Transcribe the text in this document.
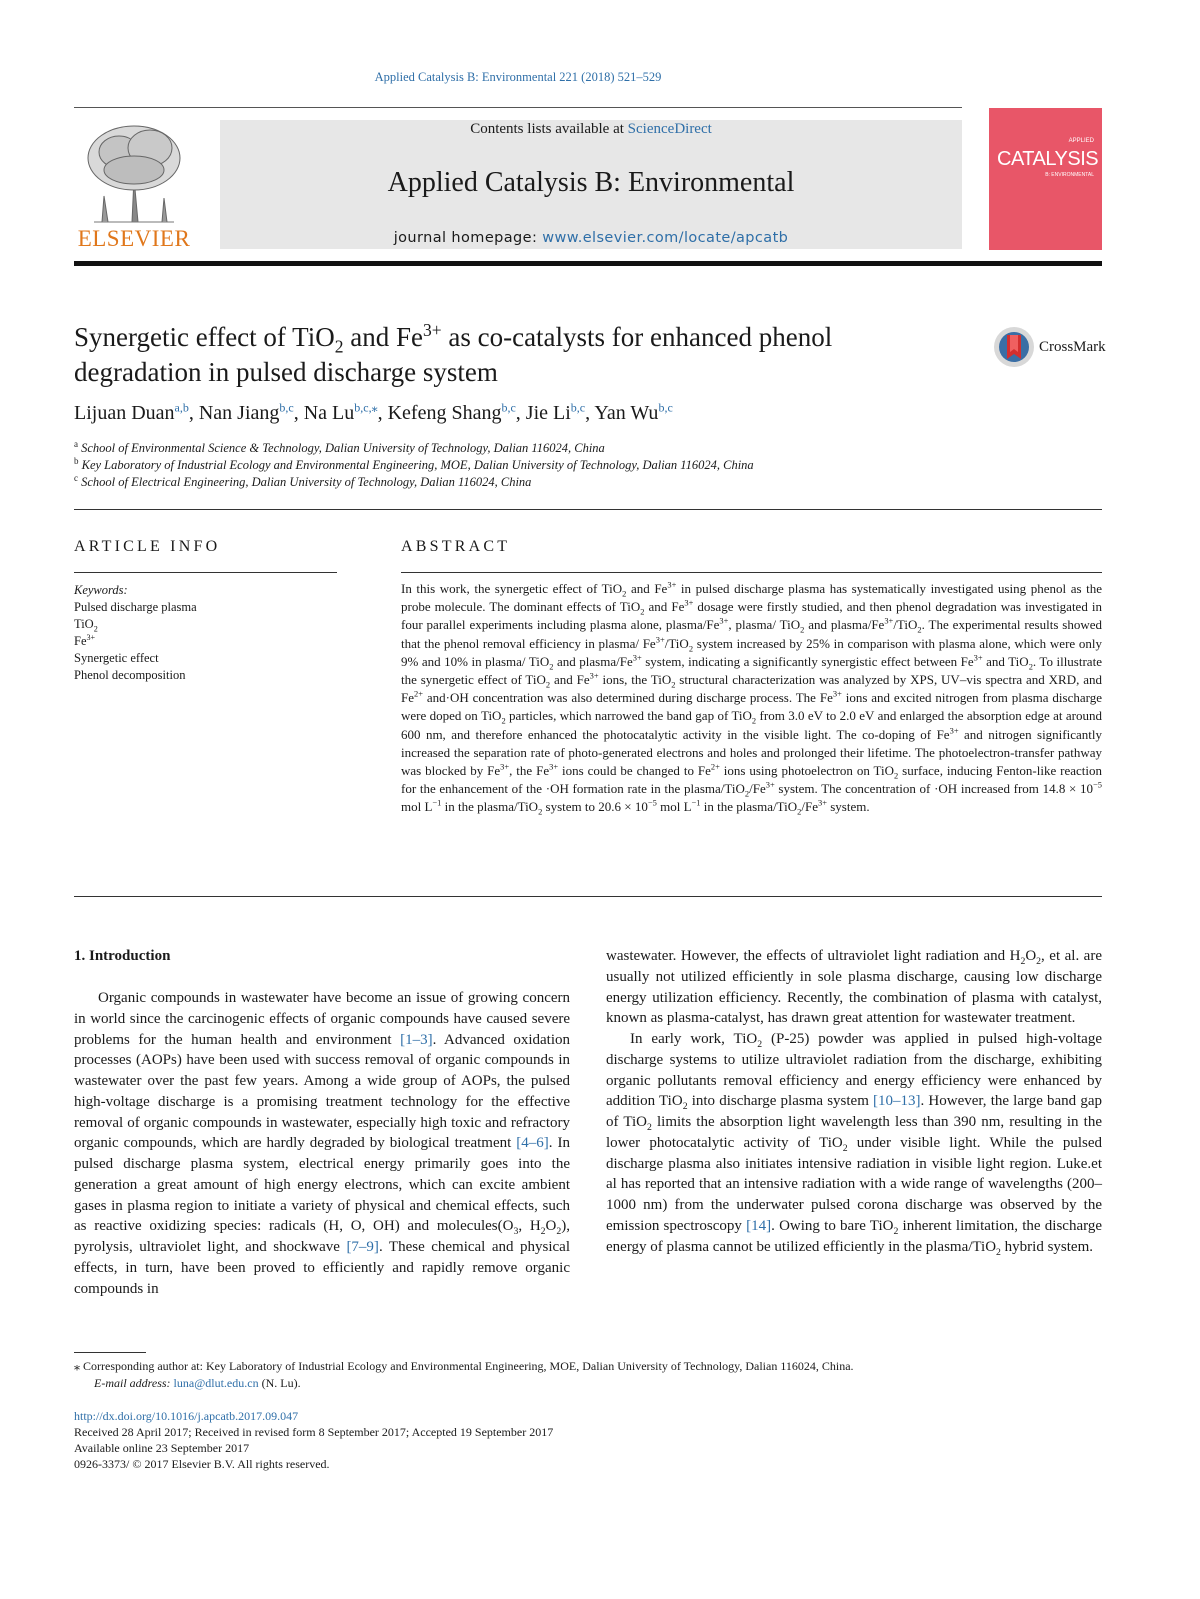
Applied Catalysis B: Environmental 221 (2018) 521–529
ELSEVIER
Contents lists available at ScienceDirect
Applied Catalysis B: Environmental
journal homepage: www.elsevier.com/locate/apcatb
APPLIED
CATALYSIS
B: ENVIRONMENTAL
Synergetic effect of TiO$_2$ and $Fe^{3+}$ as co-catalysts for enhanced phenol
degradation in pulsed discharge system
CrossMark
Lijuan Duan$^{a,b}$, Nan Jiang$^{b,c}$, Na $Lu^{b,c,⁎}$, Kefeng Shang$^{b,c}$, Jie Li$^{b,c}$, Yan Wu$^{b,c}$
$^a$ School of Environmental Science & Technology, Dalian University of Technology, Dalian 116024, China
$^b$ Key Laboratory of Industrial Ecology and Environmental Engineering, MOE, Dalian University of Technology, Dalian 116024, China
$^c$ School of Electrical Engineering, Dalian University of Technology, Dalian 116024, China
ARTICLE INFO	ABSTRACT
Keywords:
Pulsed discharge plasma
TiO$_2$
$Fe^{3+}$
Synergetic effect
Phenol decomposition
In this work, the synergetic effect of TiO$_2$ and $Fe^{3+}$ in pulsed discharge plasma has systematically investigated using phenol as the probe molecule. The dominant effects of TiO$_2$ and $Fe^{3+}$ dosage were firstly studied, and then phenol degradation was investigated in four parallel experiments including plasma alone, plasma/$Fe^{3+}$, plasma/ TiO$_2$ and plasma/$Fe^{3+}/TiO_2$. The experimental results showed that the phenol removal efficiency in plasma/ $Fe^{3+}/TiO_2$ system increased by 25% in comparison with plasma alone, which were only 9% and 10% in plasma/ TiO$_2$ and plasma/$Fe^{3+}$ system, indicating a significantly synergistic effect between $Fe^{3+}$ and TiO$_2$. To illustrate the synergetic effect of TiO$_2$ and $Fe^{3+}$ ions, the TiO$_2$ structural characterization was analyzed by XPS, UV–vis spectra and XRD, and $Fe^{2+}$ and·OH concentration was also determined during discharge process. The $Fe^{3+}$ ions and excited nitrogen from plasma discharge were doped on TiO$_2$ particles, which narrowed the band gap of TiO$_2$ from 3.0 eV to 2.0 eV and enlarged the absorption edge at around 600 nm, and therefore enhanced the photocatalytic activity in the visible light. The co-doping of $Fe^{3+}$ and nitrogen significantly increased the separation rate of photo-generated electrons and holes and prolonged their lifetime. The photoelectron-transfer pathway was blocked by $Fe^{3+}$, the $Fe^{3+}$ ions could be changed to $Fe^{2+}$ ions using photoelectron on TiO$_2$ surface, inducing Fenton-like reaction for the enhancement of the ·OH formation rate in the plasma/$TiO_2/Fe^{3+}$ system. The concentration of ·OH increased from $14.8 \times 10^{-5}$ mol $L^{-1}$ in the plasma/TiO$_2$ system to $20.6 \times 10^{-5}$ mol $L^{-1}$ in the plasma/$TiO_2/Fe^{3+}$ system.
1. Introduction

Organic compounds in wastewater have become an issue of growing concern in world since the carcinogenic effects of organic compounds have caused severe problems for the human health and environment [1–3]. Advanced oxidation processes (AOPs) have been used with success removal of organic compounds in wastewater over the past few years. Among a wide group of AOPs, the pulsed high-voltage discharge is a promising treatment technology for the effective removal of organic compounds in wastewater, especially high toxic and refractory organic compounds, which are hardly degraded by biological treatment [4–6]. In pulsed discharge plasma system, electrical energy primarily goes into the generation a great amount of high energy electrons, which can excite ambient gases in plasma region to initiate a variety of physical and chemical effects, such as reactive oxidizing species: radicals (H, O, OH) and $molecules(O_3$, $H_2O_2$), pyrolysis, ultraviolet light, and shockwave [7–9]. These chemical and physical effects, in turn, have been proved to efficiently and rapidly remove organic compounds in

wastewater. However, the effects of ultraviolet light radiation and $H_2O_2$, et al. are usually not utilized efficiently in sole plasma discharge, causing low discharge energy utilization efficiency. Recently, the combination of plasma with catalyst, known as plasma-catalyst, has drawn great attention for wastewater treatment.

In early work, TiO$_2$ (P-25) powder was applied in pulsed high-voltage discharge systems to utilize ultraviolet radiation from the discharge, exhibiting organic pollutants removal efficiency and energy efficiency were enhanced by addition TiO$_2$ into discharge plasma system [10–13]. However, the large band gap of TiO$_2$ limits the absorption light wavelength less than 390 nm, resulting in the lower photocatalytic activity of TiO$_2$ under visible light. While the pulsed discharge plasma also initiates intensive radiation in visible light region. Luke.et al has reported that an intensive radiation with a wide range of wavelengths (200–1000 nm) from the underwater pulsed corona discharge was observed by the emission spectroscopy [14]. Owing to bare TiO$_2$ inherent limitation, the discharge energy of plasma cannot be utilized efficiently in the plasma/TiO$_2$ hybrid system.

⁎ Corresponding author at: Key Laboratory of Industrial Ecology and Environmental Engineering, MOE, Dalian University of Technology, Dalian 116024, China.
E-mail address: luna@dlut.edu.cn (N. Lu).
http://dx.doi.org/10.1016/j.apcatb.2017.09.047
Received 28 April 2017; Received in revised form 8 September 2017; Accepted 19 September 2017
Available online 23 September 2017
0926-3373/ © 2017 Elsevier B.V. All rights reserved.
